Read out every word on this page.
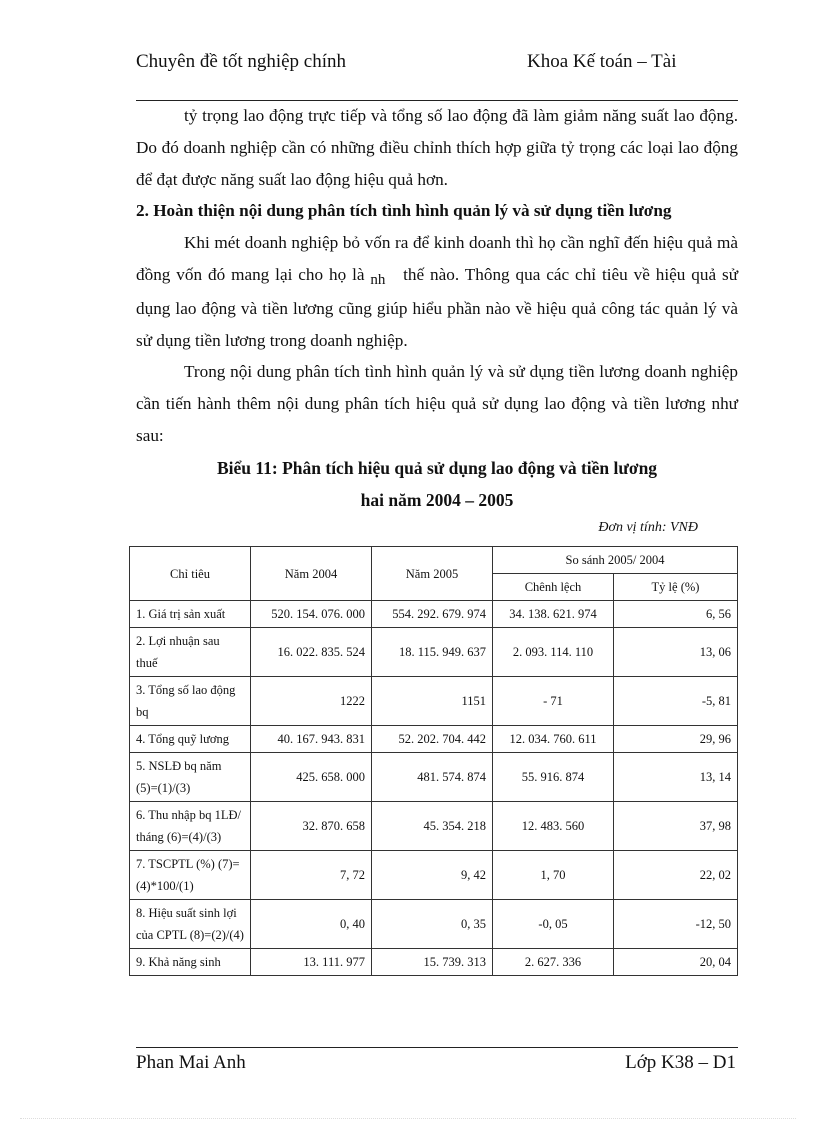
Chuyên đề tốt nghiệp chính	Khoa Kế toán – Tài

tỷ trọng lao động trực tiếp và tổng số lao động đã làm giảm năng suất lao động. Do đó doanh nghiệp cần có những điều chỉnh thích hợp giữa tỷ trọng các loại lao động để đạt được năng suất lao động hiệu quả hơn.

2. Hoàn thiện nội dung phân tích tình hình quản lý và sử dụng tiền lương

Khi mét doanh nghiệp bỏ vốn ra để kinh doanh thì họ cần nghĩ đến hiệu quả mà đồng vốn đó mang lại cho họ là nh thế nào. Thông qua các chỉ tiêu về hiệu quả sử dụng lao động và tiền lương cũng giúp hiểu phần nào về hiệu quả công tác quản lý và sử dụng tiền lương trong doanh nghiệp.

Trong nội dung phân tích tình hình quản lý và sử dụng tiền lương doanh nghiệp cần tiến hành thêm nội dung phân tích hiệu quả sử dụng lao động và tiền lương như sau:

Biểu 11: Phân tích hiệu quả sử dụng lao động và tiền lương
hai năm 2004 – 2005
Đơn vị tính: VNĐ
Chỉ tiêu	Năm 2004	Năm 2005	So sánh 2005/ 2004	
			Chênh lệch	Tỷ lệ (%)
1. Giá trị sản xuất	520. 154. 076. 000	554. 292. 679. 974	34. 138. 621. 974	6, 56
2. Lợi nhuận sau thuế	16. 022. 835. 524	18. 115. 949. 637	2. 093. 114. 110	13, 06
3. Tổng số lao động bq	1222	1151	- 71	-5, 81
4. Tổng quỹ lương	40. 167. 943. 831	52. 202. 704. 442	12. 034. 760. 611	29, 96
5. NSLĐ bq năm (5)=(1)/(3)	425. 658. 000	481. 574. 874	55. 916. 874	13, 14
6. Thu nhập bq 1LĐ/ tháng (6)=(4)/(3)	32. 870. 658	45. 354. 218	12. 483. 560	37, 98
7. TSCPTL (%) (7)=(4)*100/(1)	7, 72	9, 42	1, 70	22, 02
8. Hiệu suất sinh lợi của CPTL (8)=(2)/(4)	0, 40	0, 35	-0, 05	-12, 50
9. Khả năng sinh	13. 111. 977	15. 739. 313	2. 627. 336	20, 04
Phan Mai Anh	Lớp K38 – D1
